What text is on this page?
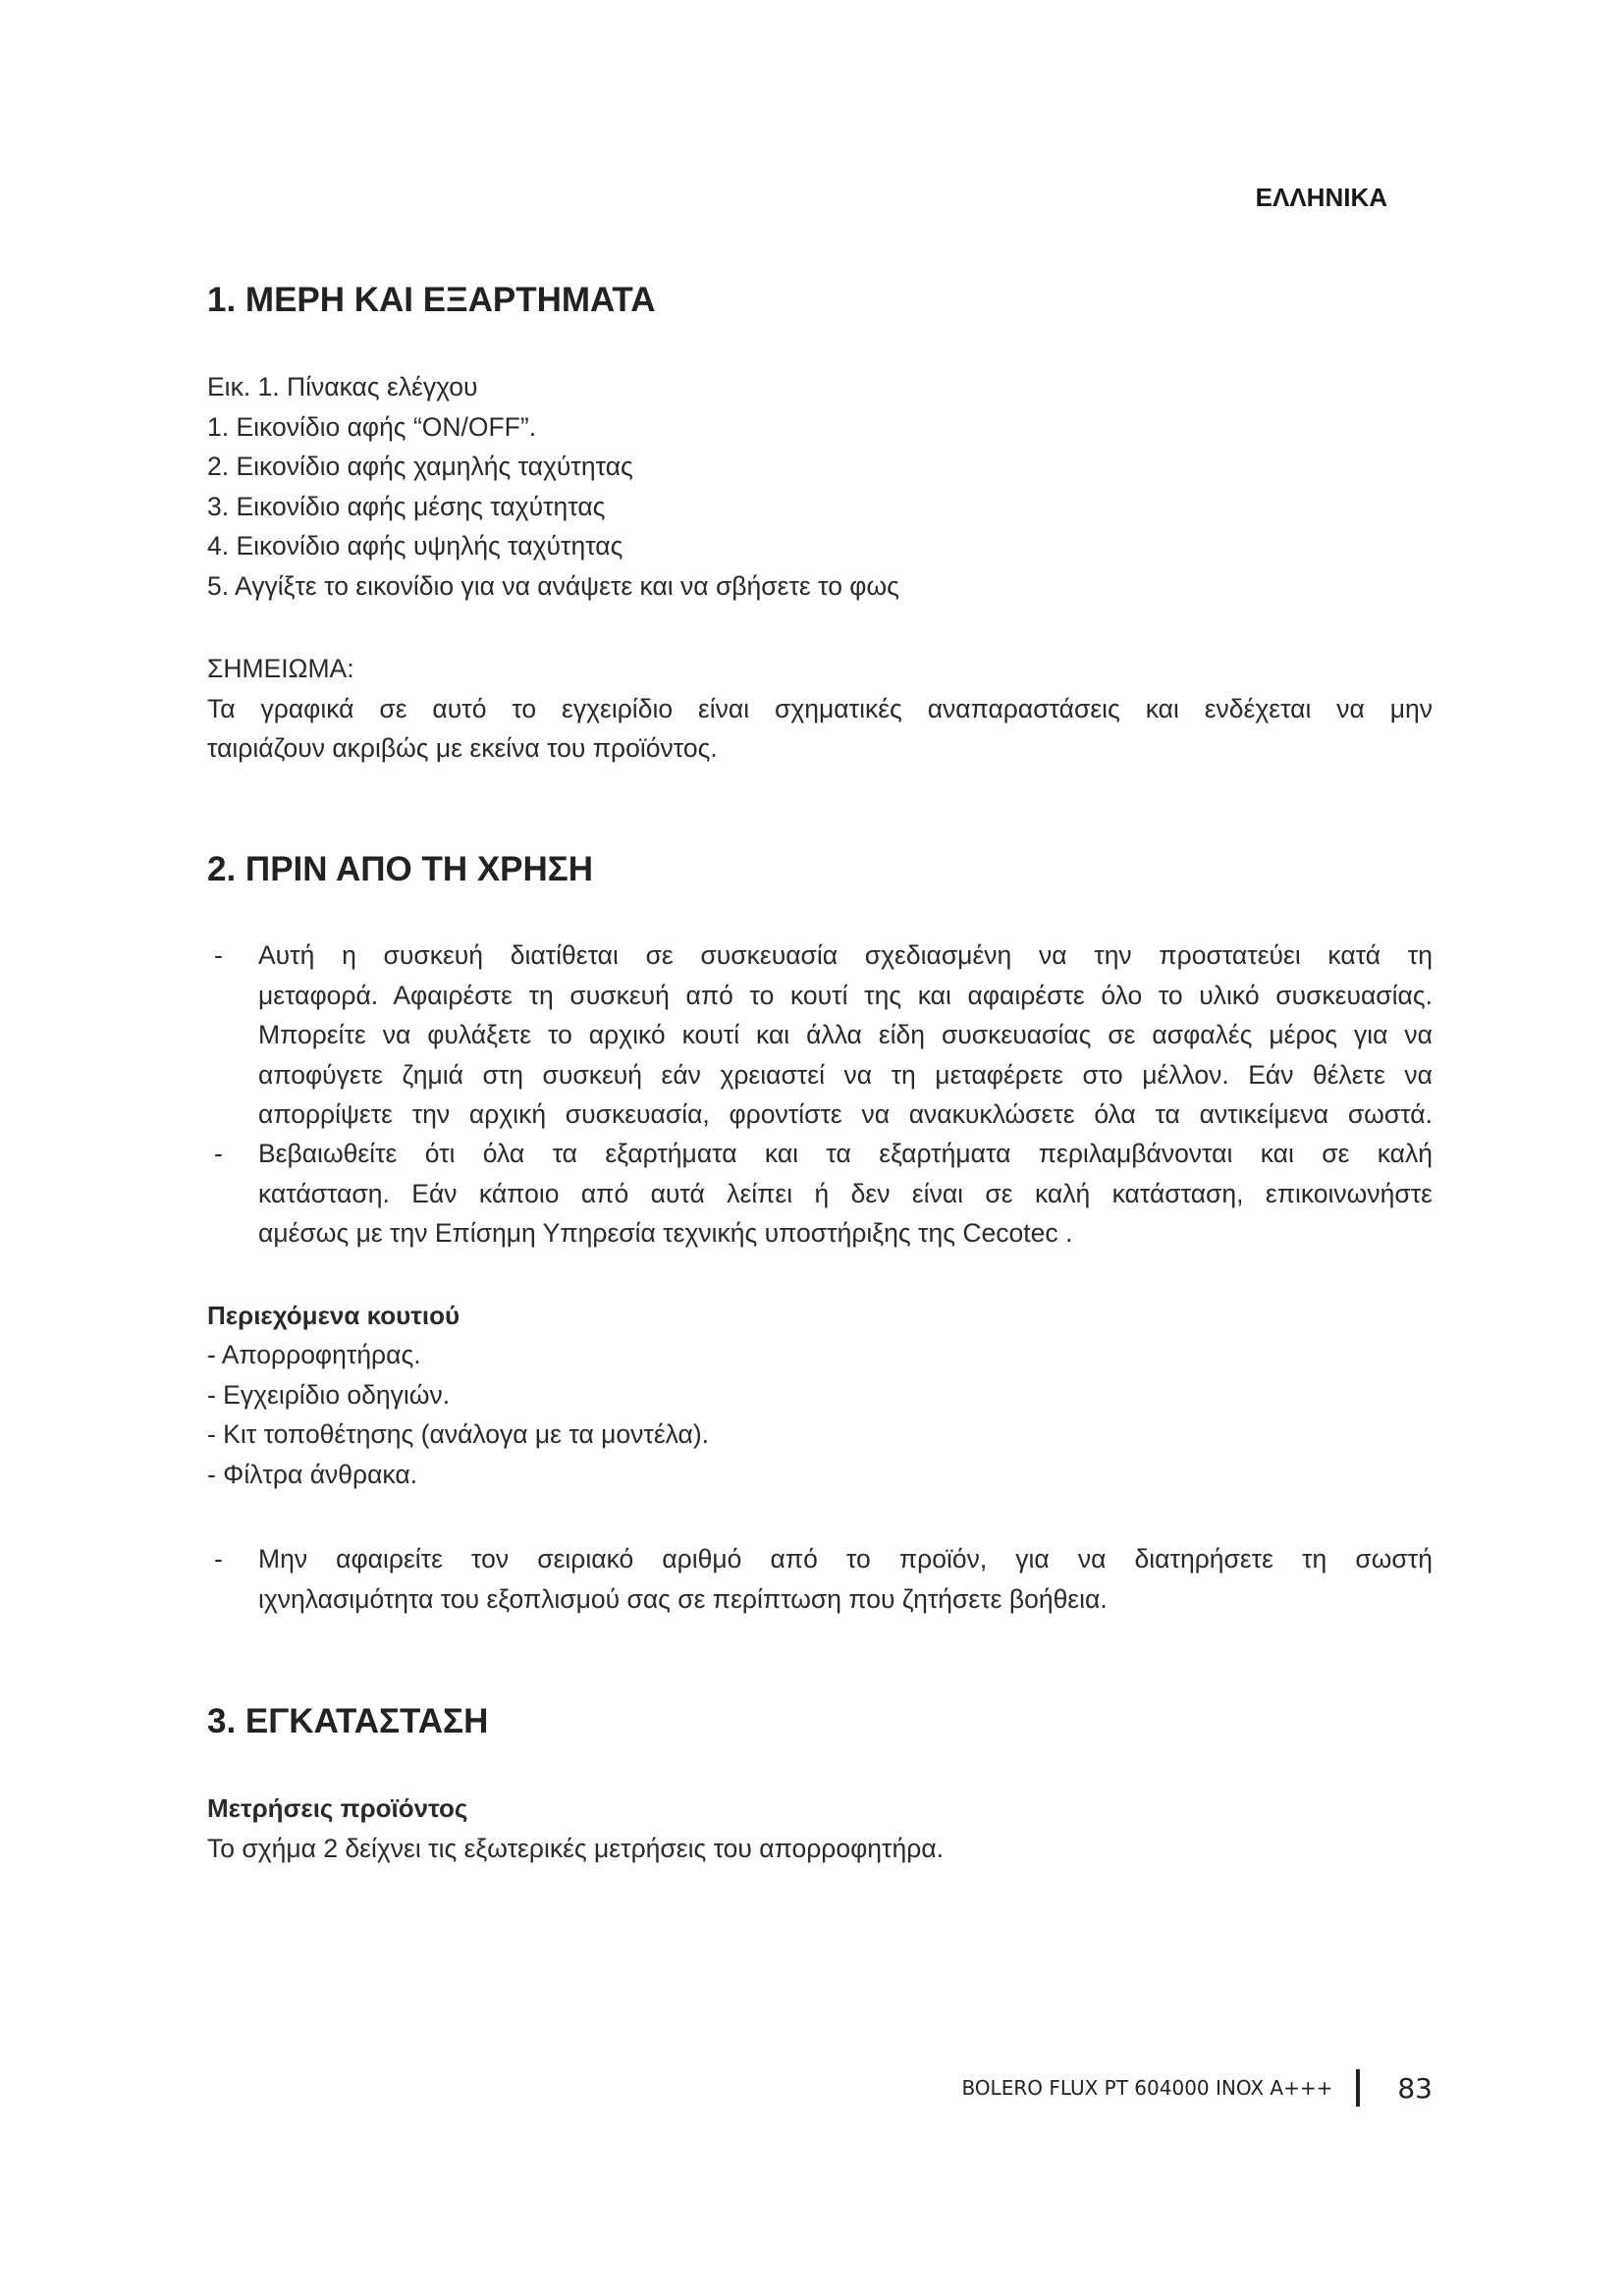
ΕΛΛΗΝΙΚΑ
1. ΜΕΡΗ ΚΑΙ ΕΞΑΡΤΗΜΑΤΑ
Εικ. 1. Πίνακας ελέγχου
1. Εικονίδιο αφής “ON/OFF”.
2. Εικονίδιο αφής χαμηλής ταχύτητας
3. Εικονίδιο αφής μέσης ταχύτητας
4. Εικονίδιο αφής υψηλής ταχύτητας
5. Αγγίξτε το εικονίδιο για να ανάψετε και να σβήσετε το φως
ΣΗΜΕΙΩΜΑ:
Τα γραφικά σε αυτό το εγχειρίδιο είναι σχηματικές αναπαραστάσεις και ενδέχεται να μην
ταιριάζουν ακριβώς με εκείνα του προϊόντος.
2. ΠΡΙΝ ΑΠΟ ΤΗ ΧΡΗΣΗ
- Αυτή η συσκευή διατίθεται σε συσκευασία σχεδιασμένη να την προστατεύει κατά τη
μεταφορά. Αφαιρέστε τη συσκευή από το κουτί της και αφαιρέστε όλο το υλικό συσκευασίας.
Μπορείτε να φυλάξετε το αρχικό κουτί και άλλα είδη συσκευασίας σε ασφαλές μέρος για να
αποφύγετε ζημιά στη συσκευή εάν χρειαστεί να τη μεταφέρετε στο μέλλον. Εάν θέλετε να
απορρίψετε την αρχική συσκευασία, φροντίστε να ανακυκλώσετε όλα τα αντικείμενα σωστά.
- Βεβαιωθείτε ότι όλα τα εξαρτήματα και τα εξαρτήματα περιλαμβάνονται και σε καλή
κατάσταση. Εάν κάποιο από αυτά λείπει ή δεν είναι σε καλή κατάσταση, επικοινωνήστε
αμέσως με την Επίσημη Υπηρεσία τεχνικής υποστήριξης της Cecotec .
Περιεχόμενα κουτιού
- Απορροφητήρας.
- Εγχειρίδιο οδηγιών.
- Κιτ τοποθέτησης (ανάλογα με τα μοντέλα).
- Φίλτρα άνθρακα.
- Μην αφαιρείτε τον σειριακό αριθμό από το προϊόν, για να διατηρήσετε τη σωστή
ιχνηλασιμότητα του εξοπλισμού σας σε περίπτωση που ζητήσετε βοήθεια.
3. ΕΓΚΑΤΑΣΤΑΣΗ
Μετρήσεις προϊόντος
Το σχήμα 2 δείχνει τις εξωτερικές μετρήσεις του απορροφητήρα.
BOLERO FLUX PT 604000 INOX A+++ 83
